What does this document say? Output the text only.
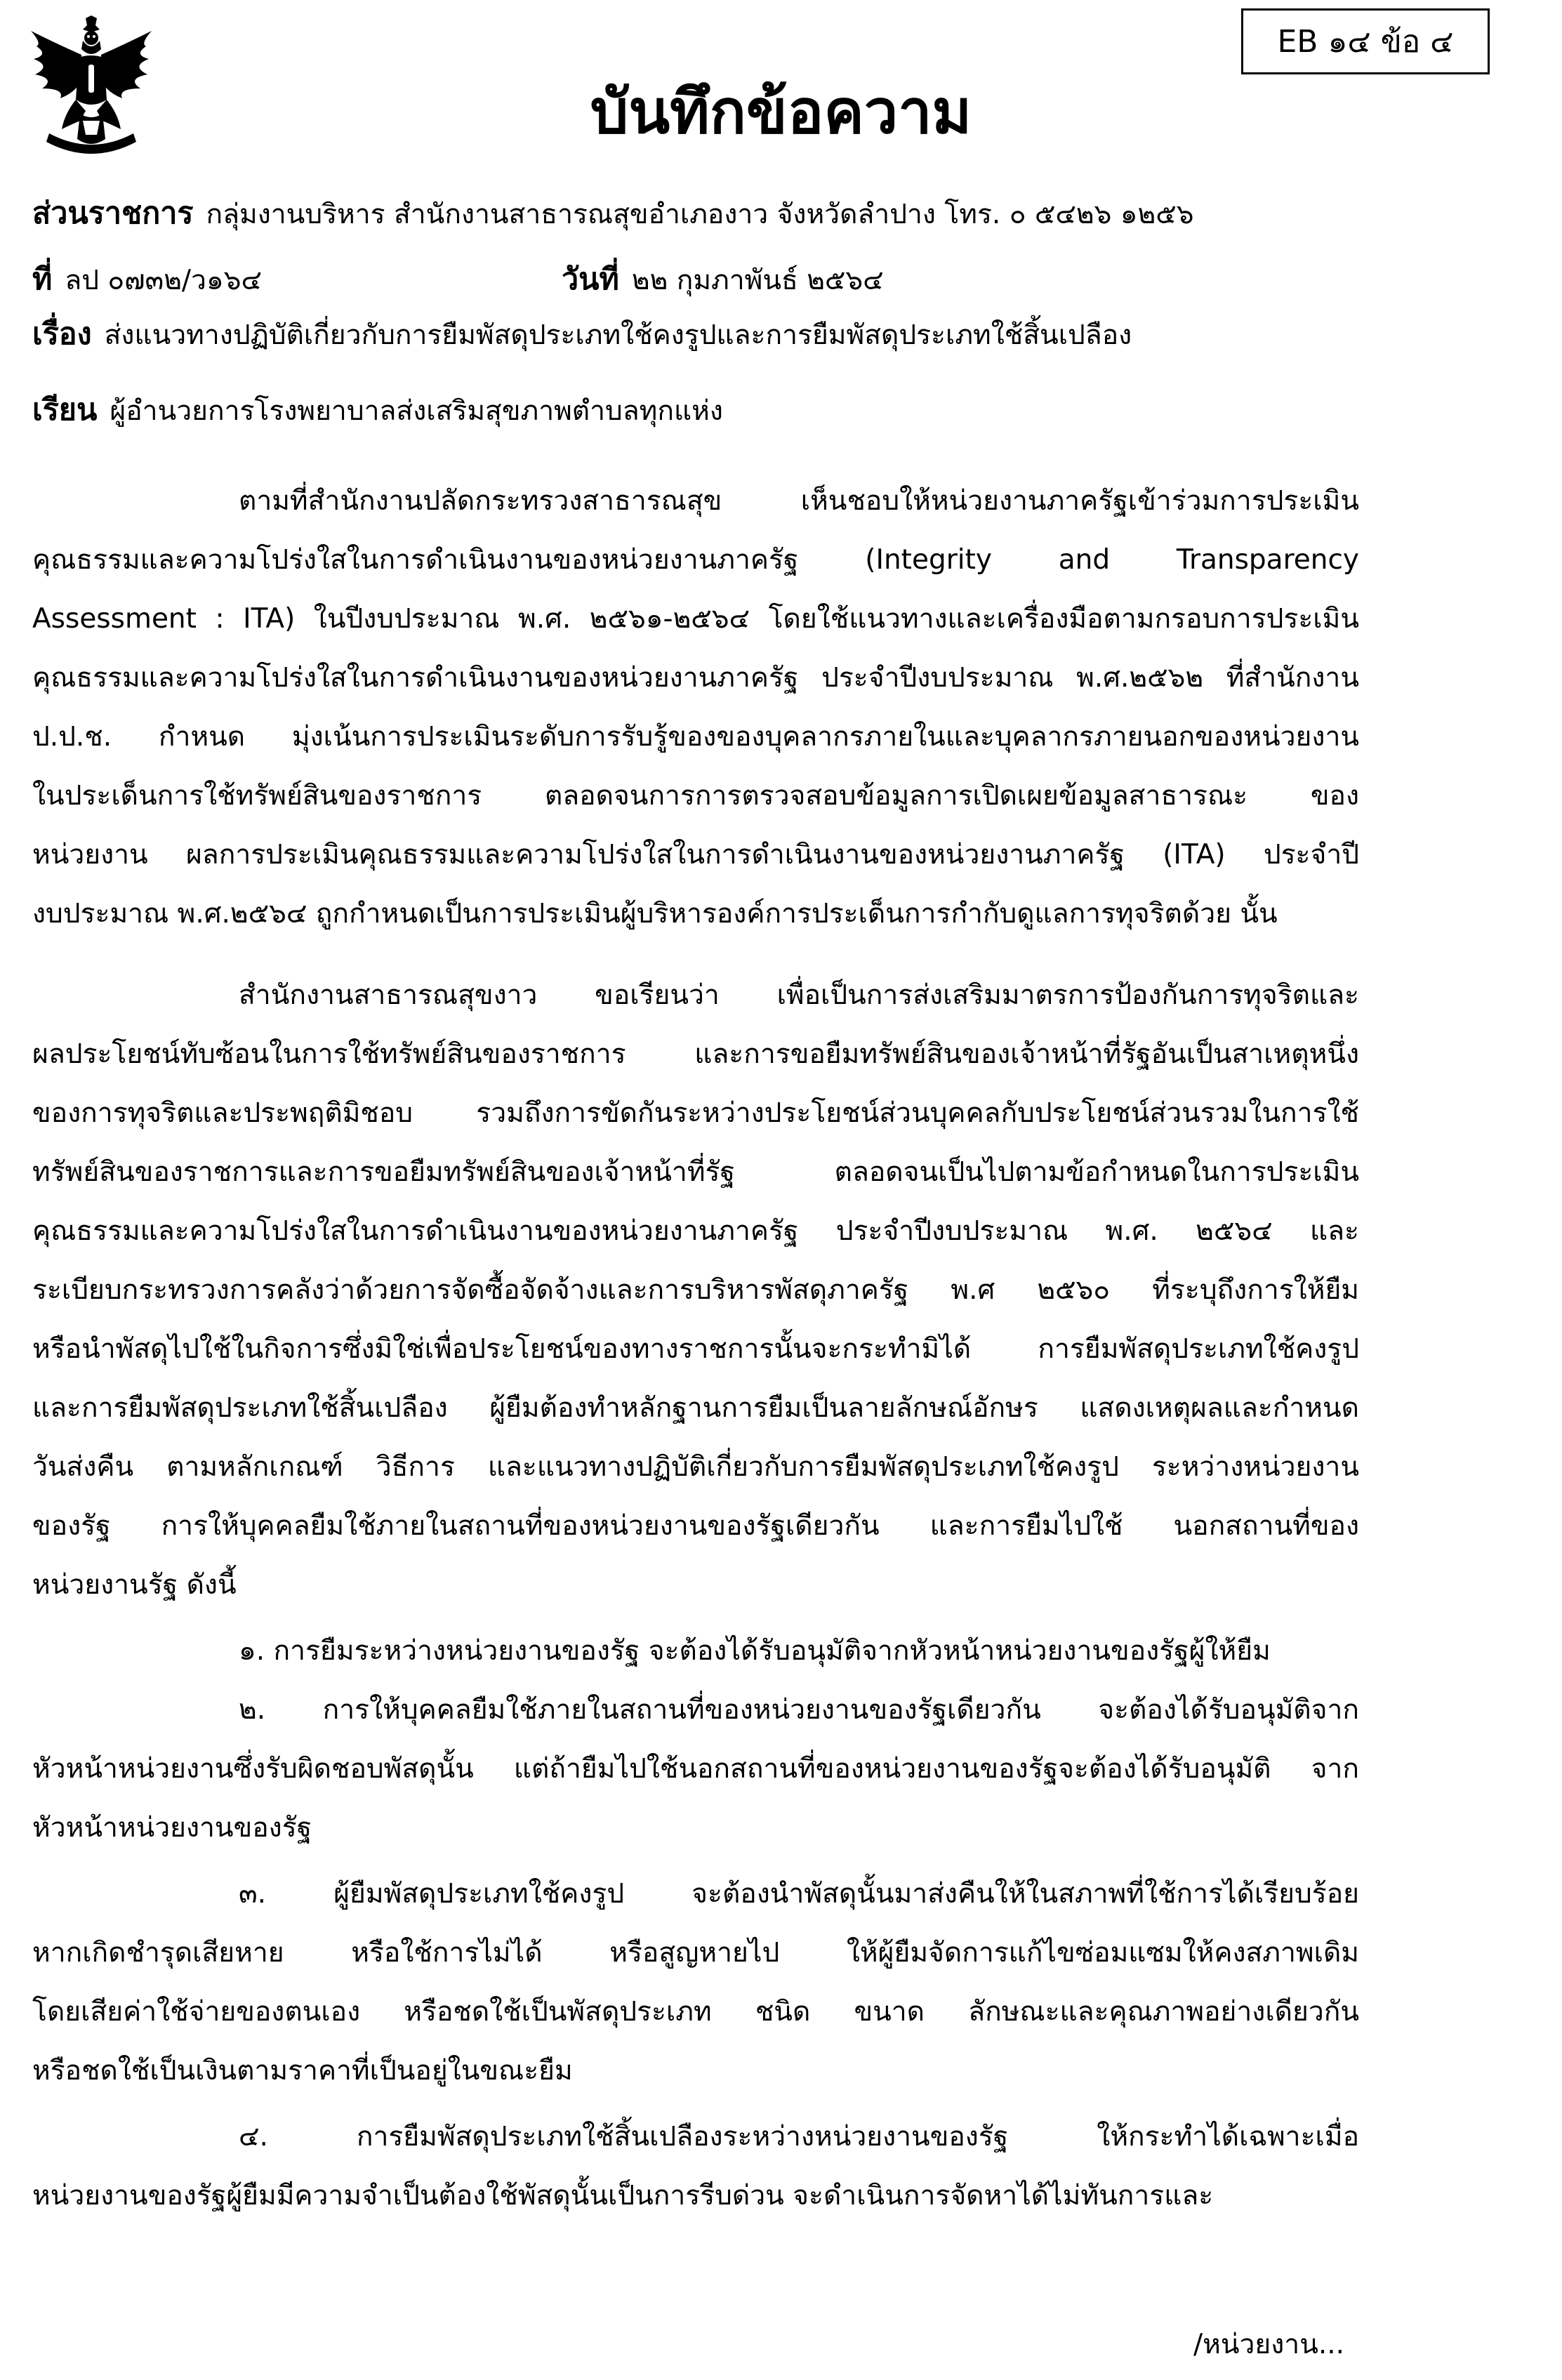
EB ๑๔ ข้อ ๔
บันทึกข้อความ
ส่วนราชการ กลุ่มงานบริหาร สำนักงานสาธารณสุขอำเภองาว จังหวัดลำปาง โทร. ๐ ๕๔๒๖ ๑๒๕๖
ที่ ลป ๐๗๓๒/ว๑๖๔	วันที่ ๒๒ กุมภาพันธ์ ๒๕๖๔
เรื่อง ส่งแนวทางปฏิบัติเกี่ยวกับการยืมพัสดุประเภทใช้คงรูปและการยืมพัสดุประเภทใช้สิ้นเปลือง
เรียน ผู้อำนวยการโรงพยาบาลส่งเสริมสุขภาพตำบลทุกแห่ง
ตามที่สำนักงานปลัดกระทรวงสาธารณสุข เห็นชอบให้หน่วยงานภาครัฐเข้าร่วมการประเมิน
คุณธรรมและความโปร่งใสในการดำเนินงานของหน่วยงานภาครัฐ (Integrity and Transparency
Assessment : ITA) ในปีงบประมาณ พ.ศ. ๒๕๖๑-๒๕๖๔ โดยใช้แนวทางและเครื่องมือตามกรอบการประเมิน
คุณธรรมและความโปร่งใสในการดำเนินงานของหน่วยงานภาครัฐ ประจำปีงบประมาณ พ.ศ.๒๕๖๒ ที่สำนักงาน
ป.ป.ช. กำหนด มุ่งเน้นการประเมินระดับการรับรู้ของของบุคลากรภายในและบุคลากรภายนอกของหน่วยงาน
ในประเด็นการใช้ทรัพย์สินของราชการ ตลอดจนการการตรวจสอบข้อมูลการเปิดเผยข้อมูลสาธารณะ ของ
หน่วยงาน ผลการประเมินคุณธรรมและความโปร่งใสในการดำเนินงานของหน่วยงานภาครัฐ (ITA) ประจำปี
งบประมาณ พ.ศ.๒๕๖๔ ถูกกำหนดเป็นการประเมินผู้บริหารองค์การประเด็นการกำกับดูแลการทุจริตด้วย นั้น
สำนักงานสาธารณสุขงาว ขอเรียนว่า เพื่อเป็นการส่งเสริมมาตรการป้องกันการทุจริตและ
ผลประโยชน์ทับซ้อนในการใช้ทรัพย์สินของราชการ และการขอยืมทรัพย์สินของเจ้าหน้าที่รัฐอันเป็นสาเหตุหนึ่ง
ของการทุจริตและประพฤติมิชอบ รวมถึงการขัดกันระหว่างประโยชน์ส่วนบุคคลกับประโยชน์ส่วนรวมในการใช้
ทรัพย์สินของราชการและการขอยืมทรัพย์สินของเจ้าหน้าที่รัฐ ตลอดจนเป็นไปตามข้อกำหนดในการประเมิน
คุณธรรมและความโปร่งใสในการดำเนินงานของหน่วยงานภาครัฐ ประจำปีงบประมาณ พ.ศ. ๒๕๖๔ และ
ระเบียบกระทรวงการคลังว่าด้วยการจัดซื้อจัดจ้างและการบริหารพัสดุภาครัฐ พ.ศ ๒๕๖๐ ที่ระบุถึงการให้ยืม
หรือนำพัสดุไปใช้ในกิจการซึ่งมิใช่เพื่อประโยชน์ของทางราชการนั้นจะกระทำมิได้ การยืมพัสดุประเภทใช้คงรูป
และการยืมพัสดุประเภทใช้สิ้นเปลือง ผู้ยืมต้องทำหลักฐานการยืมเป็นลายลักษณ์อักษร แสดงเหตุผลและกำหนด
วันส่งคืน ตามหลักเกณฑ์ วิธีการ และแนวทางปฏิบัติเกี่ยวกับการยืมพัสดุประเภทใช้คงรูป ระหว่างหน่วยงาน
ของรัฐ การให้บุคคลยืมใช้ภายในสถานที่ของหน่วยงานของรัฐเดียวกัน และการยืมไปใช้ นอกสถานที่ของ
หน่วยงานรัฐ ดังนี้
๑. การยืมระหว่างหน่วยงานของรัฐ จะต้องได้รับอนุมัติจากหัวหน้าหน่วยงานของรัฐผู้ให้ยืม
๒. การให้บุคคลยืมใช้ภายในสถานที่ของหน่วยงานของรัฐเดียวกัน จะต้องได้รับอนุมัติจาก
หัวหน้าหน่วยงานซึ่งรับผิดชอบพัสดุนั้น แต่ถ้ายืมไปใช้นอกสถานที่ของหน่วยงานของรัฐจะต้องได้รับอนุมัติ จาก
หัวหน้าหน่วยงานของรัฐ
๓. ผู้ยืมพัสดุประเภทใช้คงรูป จะต้องนำพัสดุนั้นมาส่งคืนให้ในสภาพที่ใช้การได้เรียบร้อย
หากเกิดชำรุดเสียหาย หรือใช้การไม่ได้ หรือสูญหายไป ให้ผู้ยืมจัดการแก้ไขซ่อมแซมให้คงสภาพเดิม
โดยเสียค่าใช้จ่ายของตนเอง หรือชดใช้เป็นพัสดุประเภท ชนิด ขนาด ลักษณะและคุณภาพอย่างเดียวกัน
หรือชดใช้เป็นเงินตามราคาที่เป็นอยู่ในขณะยืม
๔. การยืมพัสดุประเภทใช้สิ้นเปลืองระหว่างหน่วยงานของรัฐ ให้กระทำได้เฉพาะเมื่อ
หน่วยงานของรัฐผู้ยืมมีความจำเป็นต้องใช้พัสดุนั้นเป็นการรีบด่วน จะดำเนินการจัดหาได้ไม่ทันการและ
/หน่วยงาน...
